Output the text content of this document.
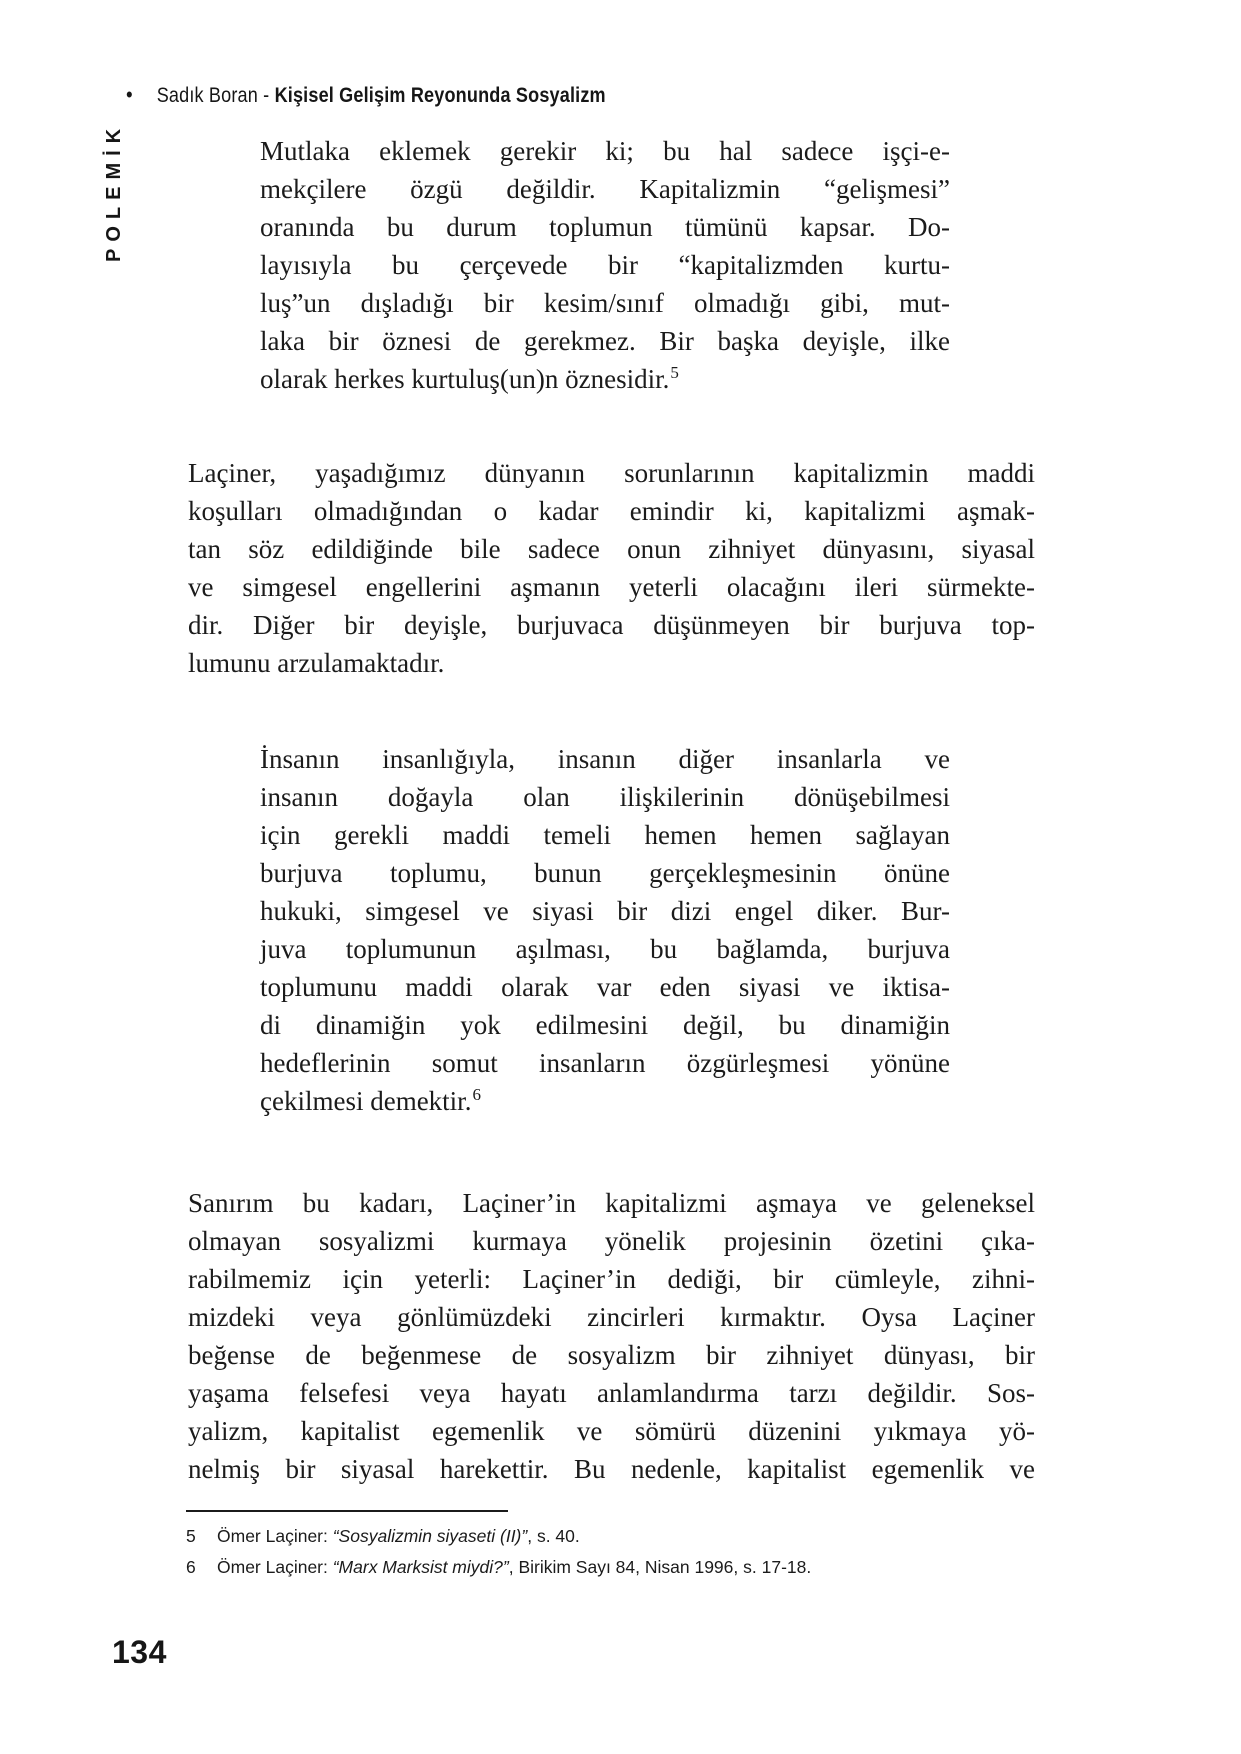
• Sadık Boran - Kişisel Gelişim Reyonunda Sosyalizm
POLEMİK	Mutlaka eklemek gerekir ki; bu hal sadece işçi-e-
mekçilere özgü değildir. Kapitalizmin “gelişmesi”
oranında bu durum toplumun tümünü kapsar. Do-
layısıyla bu çerçevede bir “kapitalizmden kurtu-
luş”un dışladığı bir kesim/sınıf olmadığı gibi, mut-
laka bir öznesi de gerekmez. Bir başka deyişle, ilke
olarak herkes kurtuluş(un)n öznesidir.$^5$
Laçiner, yaşadığımız dünyanın sorunlarının kapitalizmin maddi
koşulları olmadığından o kadar emindir ki, kapitalizmi aşmak-
tan söz edildiğinde bile sadece onun zihniyet dünyasını, siyasal
ve simgesel engellerini aşmanın yeterli olacağını ileri sürmekte-
dir. Diğer bir deyişle, burjuvaca düşünmeyen bir burjuva top-
lumunu arzulamaktadır.
İnsanın insanlığıyla, insanın diğer insanlarla ve
insanın doğayla olan ilişkilerinin dönüşebilmesi
için gerekli maddi temeli hemen hemen sağlayan
burjuva toplumu, bunun gerçekleşmesinin önüne
hukuki, simgesel ve siyasi bir dizi engel diker. Bur-
juva toplumunun aşılması, bu bağlamda, burjuva
toplumunu maddi olarak var eden siyasi ve iktisa-
di dinamiğin yok edilmesini değil, bu dinamiğin
hedeflerinin somut insanların özgürleşmesi yönüne
çekilmesi demektir.$^6$
Sanırım bu kadarı, Laçiner’in kapitalizmi aşmaya ve geleneksel
olmayan sosyalizmi kurmaya yönelik projesinin özetini çıka-
rabilmemiz için yeterli: Laçiner’in dediği, bir cümleyle, zihni-
mizdeki veya gönlümüzdeki zincirleri kırmaktır. Oysa Laçiner
beğense de beğenmese de sosyalizm bir zihniyet dünyası, bir
yaşama felsefesi veya hayatı anlamlandırma tarzı değildir. Sos-
yalizm, kapitalist egemenlik ve sömürü düzenini yıkmaya yö-
nelmiş bir siyasal harekettir. Bu nedenle, kapitalist egemenlik ve
5	Ömer Laçiner: “Sosyalizmin siyaseti (II)”, s. 40.
6	Ömer Laçiner: “Marx Marksist miydi?”, Birikim Sayı 84, Nisan 1996, s. 17-18.
134
